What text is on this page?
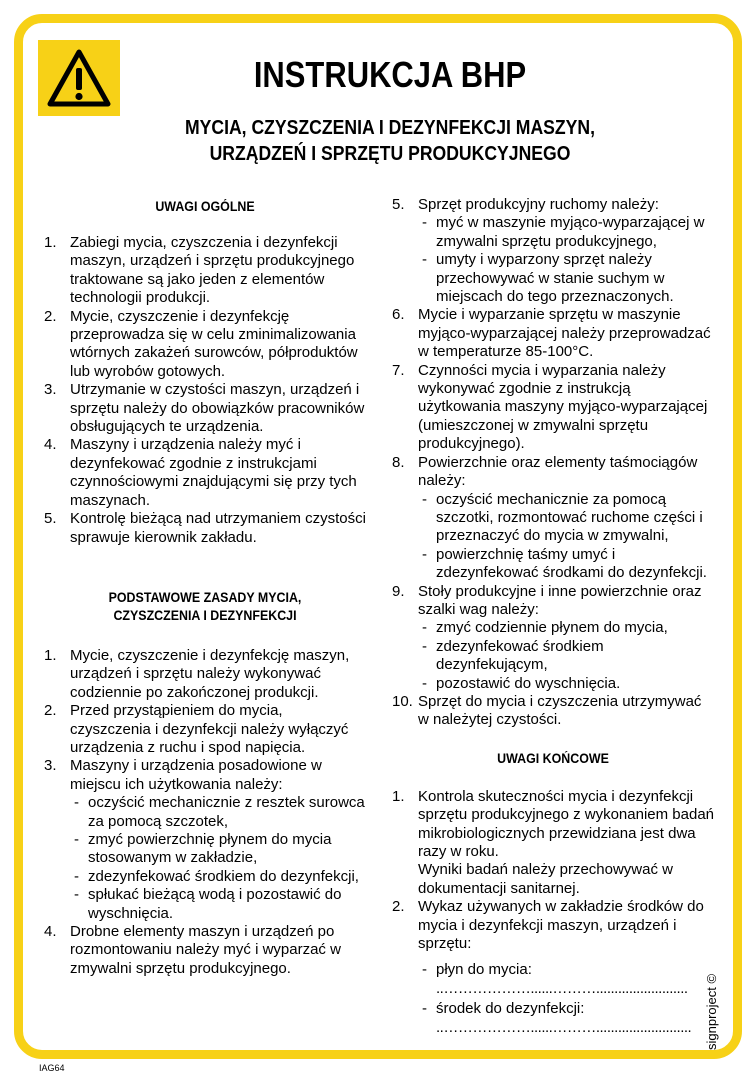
INSTRUKCJA BHP
MYCIA, CZYSZCZENIA I DEZYNFEKCJI MASZYN,
URZĄDZEŃ I SPRZĘTU PRODUKCYJNEGO
UWAGI OGÓLNE
1. Zabiegi mycia, czyszczenia i dezynfekcji maszyn, urządzeń i sprzętu produkcyjnego traktowane są jako jeden z elementów technologii produkcji.
2. Mycie, czyszczenie i dezynfekcję przeprowadza się w celu zminimalizowania wtórnych zakażeń surowców, półproduktów lub wyrobów gotowych.
3. Utrzymanie w czystości maszyn, urządzeń i sprzętu należy do obowiązków pracowników obsługujących te urządzenia.
4. Maszyny i urządzenia należy myć i dezynfekować zgodnie z instrukcjami czynnościowymi znajdującymi się przy tych maszynach.
5. Kontrolę bieżącą nad utrzymaniem czystości sprawuje kierownik zakładu.
PODSTAWOWE ZASADY MYCIA,
CZYSZCZENIA I DEZYNFEKCJI
1. Mycie, czyszczenie i dezynfekcję maszyn, urządzeń i sprzętu należy wykonywać codziennie po zakończonej produkcji.
2. Przed przystąpieniem do mycia, czyszczenia i dezynfekcji należy wyłączyć urządzenia z ruchu i spod napięcia.
3. Maszyny i urządzenia posadowione w miejscu ich użytkowania należy:
- oczyścić mechanicznie z resztek surowca za pomocą szczotek,
- zmyć powierzchnię płynem do mycia stosowanym w zakładzie,
- zdezynfekować środkiem do dezynfekcji,
- spłukać bieżącą wodą i pozostawić do wyschnięcia.
4. Drobne elementy maszyn i urządzeń po rozmontowaniu należy myć i wyparzać w zmywalni sprzętu produkcyjnego.
5. Sprzęt produkcyjny ruchomy należy:
- myć w maszynie myjąco-wyparzającej w zmywalni sprzętu produkcyjnego,
- umyty i wyparzony sprzęt należy przechowywać w stanie suchym w miejscach do tego przeznaczonych.
6. Mycie i wyparzanie sprzętu w maszynie myjąco-wyparzającej należy przeprowadzać w temperaturze 85-100°C.
7. Czynności mycia i wyparzania należy wykonywać zgodnie z instrukcją użytkowania maszyny myjąco-wyparzającej (umieszczonej w zmywalni sprzętu produkcyjnego).
8. Powierzchnie oraz elementy taśmociągów należy:
- oczyścić mechanicznie za pomocą szczotki, rozmontować ruchome części i przeznaczyć do mycia w zmywalni,
- powierzchnię taśmy umyć i zdezynfekować środkami do dezynfekcji.
9. Stoły produkcyjne i inne powierzchnie oraz szalki wag należy:
- zmyć codziennie płynem do mycia,
- zdezynfekować środkiem dezynfekującym,
- pozostawić do wyschnięcia.
10. Sprzęt do mycia i czyszczenia utrzymywać w należytej czystości.
UWAGI KOŃCOWE
1. Kontrola skuteczności mycia i dezynfekcji sprzętu produkcyjnego z wykonaniem badań mikrobiologicznych przewidziana jest dwa razy w roku.
Wyniki badań należy przechowywać w dokumentacji sanitarnej.
2. Wykaz używanych w zakładzie środków do mycia i dezynfekcji maszyn, urządzeń i sprzętu:
- płyn do mycia:
..………………......……….........................
- środek do dezynfekcji:
..………………......………..........................
IAG64
signproject ©
